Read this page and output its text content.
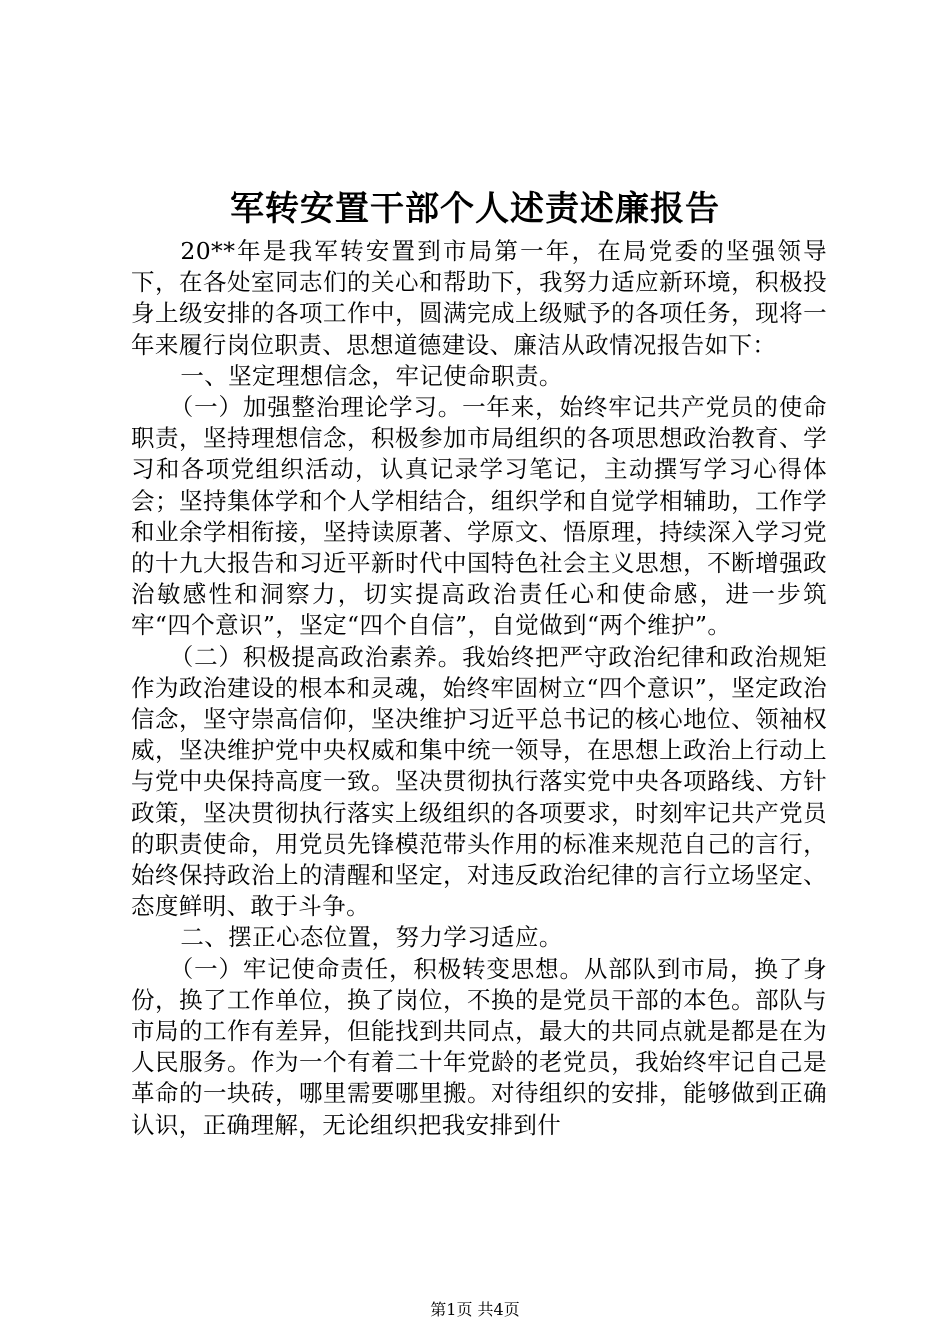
军转安置干部个人述责述廉报告

20**年是我军转安置到市局第一年，在局党委的坚强领导下，在各处室同志们的关心和帮助下，我努力适应新环境，积极投身上级安排的各项工作中，圆满完成上级赋予的各项任务，现将一年来履行岗位职责、思想道德建设、廉洁从政情况报告如下：

一、坚定理想信念，牢记使命职责。

（一）加强整治理论学习。一年来，始终牢记共产党员的使命职责，坚持理想信念，积极参加市局组织的各项思想政治教育、学习和各项党组织活动，认真记录学习笔记，主动撰写学习心得体会；坚持集体学和个人学相结合，组织学和自觉学相辅助，工作学和业余学相衔接，坚持读原著、学原文、悟原理，持续深入学习党的十九大报告和习近平新时代中国特色社会主义思想，不断增强政治敏感性和洞察力，切实提高政治责任心和使命感，进一步筑牢“四个意识”，坚定“四个自信”，自觉做到“两个维护”。

（二）积极提高政治素养。我始终把严守政治纪律和政治规矩作为政治建设的根本和灵魂，始终牢固树立“四个意识”，坚定政治信念，坚守崇高信仰，坚决维护习近平总书记的核心地位、领袖权威，坚决维护党中央权威和集中统一领导，在思想上政治上行动上与党中央保持高度一致。坚决贯彻执行落实党中央各项路线、方针政策，坚决贯彻执行落实上级组织的各项要求，时刻牢记共产党员的职责使命，用党员先锋模范带头作用的标准来规范自己的言行，始终保持政治上的清醒和坚定，对违反政治纪律的言行立场坚定、态度鲜明、敢于斗争。

二、摆正心态位置，努力学习适应。

（一）牢记使命责任，积极转变思想。从部队到市局，换了身份，换了工作单位，换了岗位，不换的是党员干部的本色。部队与市局的工作有差异，但能找到共同点，最大的共同点就是都是在为人民服务。作为一个有着二十年党龄的老党员，我始终牢记自己是革命的一块砖，哪里需要哪里搬。对待组织的安排，能够做到正确认识，正确理解，无论组织把我安排到什

第1页 共4页
